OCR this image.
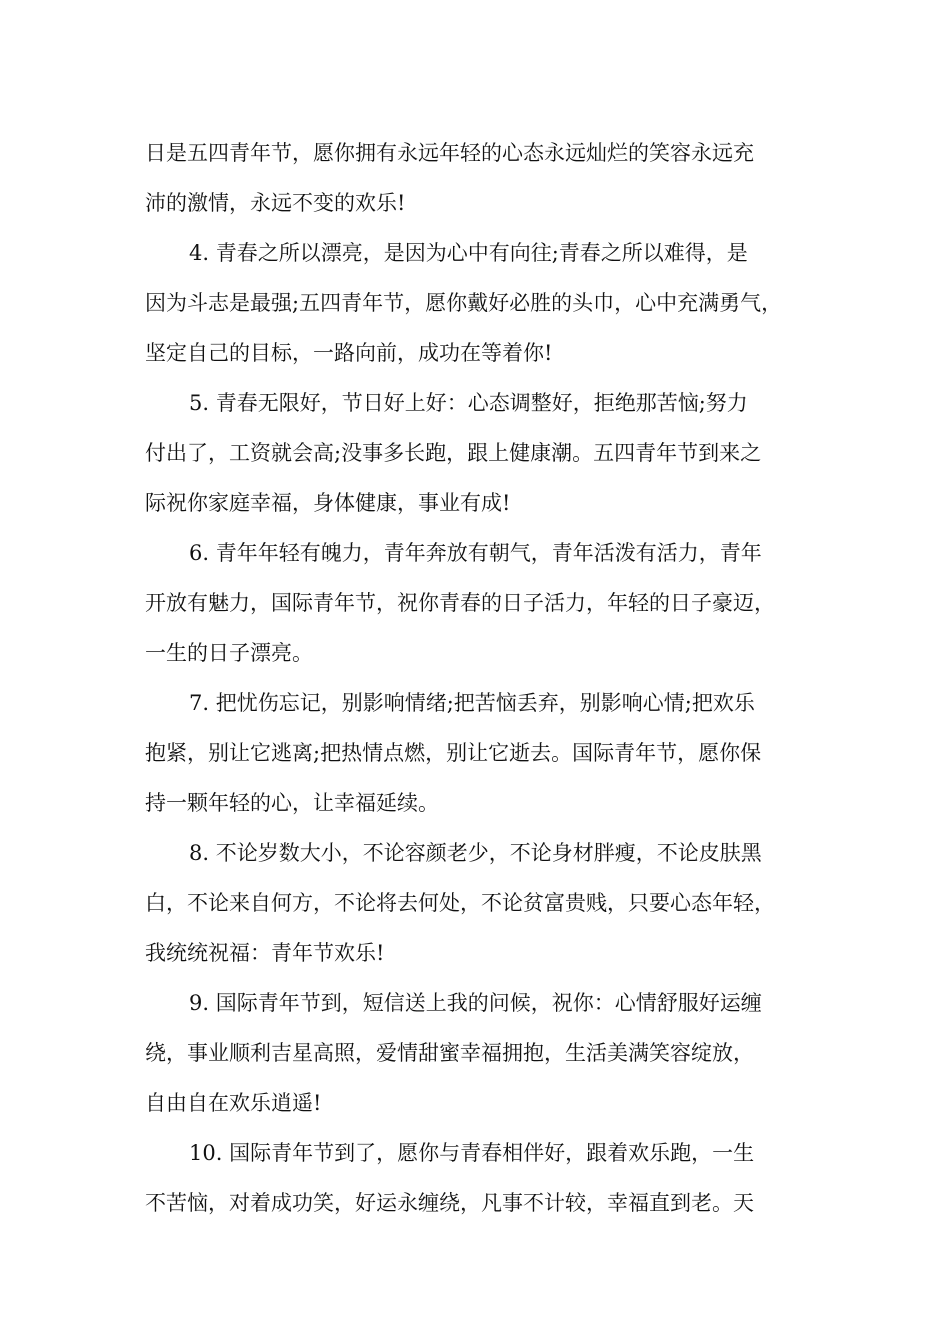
日是五四青年节，愿你拥有永远年轻的心态永远灿烂的笑容永远充
沛的激情，永远不变的欢乐!
4. 青春之所以漂亮，是因为心中有向往;青春之所以难得，是
因为斗志是最强;五四青年节，愿你戴好必胜的头巾，心中充满勇气，
坚定自己的目标，一路向前，成功在等着你!
5. 青春无限好，节日好上好：心态调整好，拒绝那苦恼;努力
付出了，工资就会高;没事多长跑，跟上健康潮。五四青年节到来之
际祝你家庭幸福，身体健康，事业有成!
6. 青年年轻有魄力，青年奔放有朝气，青年活泼有活力，青年
开放有魅力，国际青年节，祝你青春的日子活力，年轻的日子豪迈，
一生的日子漂亮。
7. 把忧伤忘记，别影响情绪;把苦恼丢弃，别影响心情;把欢乐
抱紧，别让它逃离;把热情点燃，别让它逝去。国际青年节，愿你保
持一颗年轻的心，让幸福延续。
8. 不论岁数大小，不论容颜老少，不论身材胖瘦，不论皮肤黑
白，不论来自何方，不论将去何处，不论贫富贵贱，只要心态年轻，
我统统祝福：青年节欢乐!
9. 国际青年节到，短信送上我的问候，祝你：心情舒服好运缠
绕，事业顺利吉星高照，爱情甜蜜幸福拥抱，生活美满笑容绽放，
自由自在欢乐逍遥!
10. 国际青年节到了，愿你与青春相伴好，跟着欢乐跑，一生
不苦恼，对着成功笑，好运永缠绕，凡事不计较，幸福直到老。天
